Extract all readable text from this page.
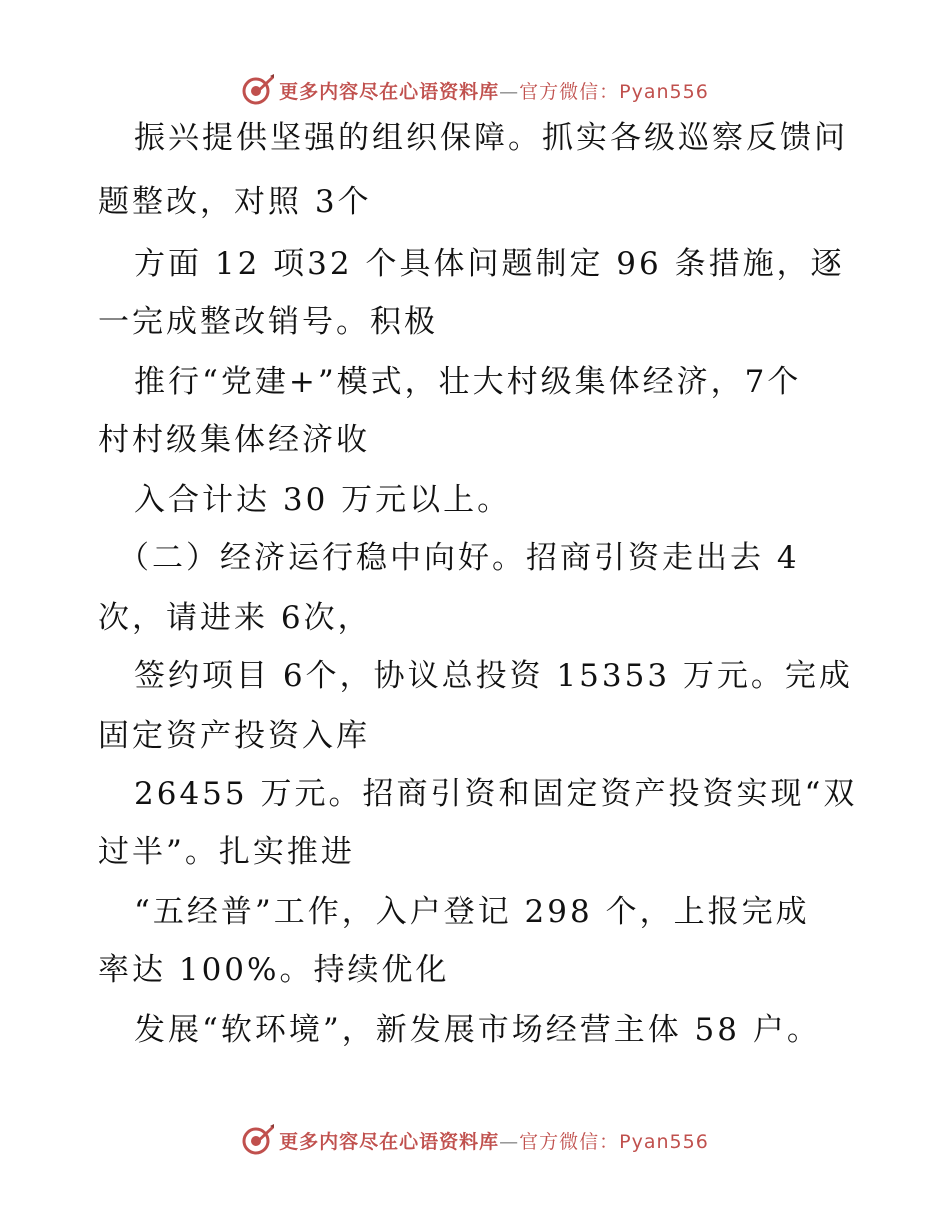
更多内容尽在心语资料库—官方微信：Pyan556
振兴提供坚强的组织保障。抓实各级巡察反馈问
题整改，对照 3个
方面 12 项32 个具体问题制定 96 条措施，逐
一完成整改销号。积极
推行“党建+”模式，壮大村级集体经济，7个
村村级集体经济收
入合计达 30 万元以上。
（二）经济运行稳中向好。招商引资走出去 4
次，请进来 6次，
签约项目 6个，协议总投资 15353 万元。完成
固定资产投资入库
26455 万元。招商引资和固定资产投资实现“双
过半”。扎实推进
“五经普”工作，入户登记 298 个，上报完成
率达 100%。持续优化
发展“软环境”，新发展市场经营主体 58 户。
更多内容尽在心语资料库—官方微信：Pyan556
